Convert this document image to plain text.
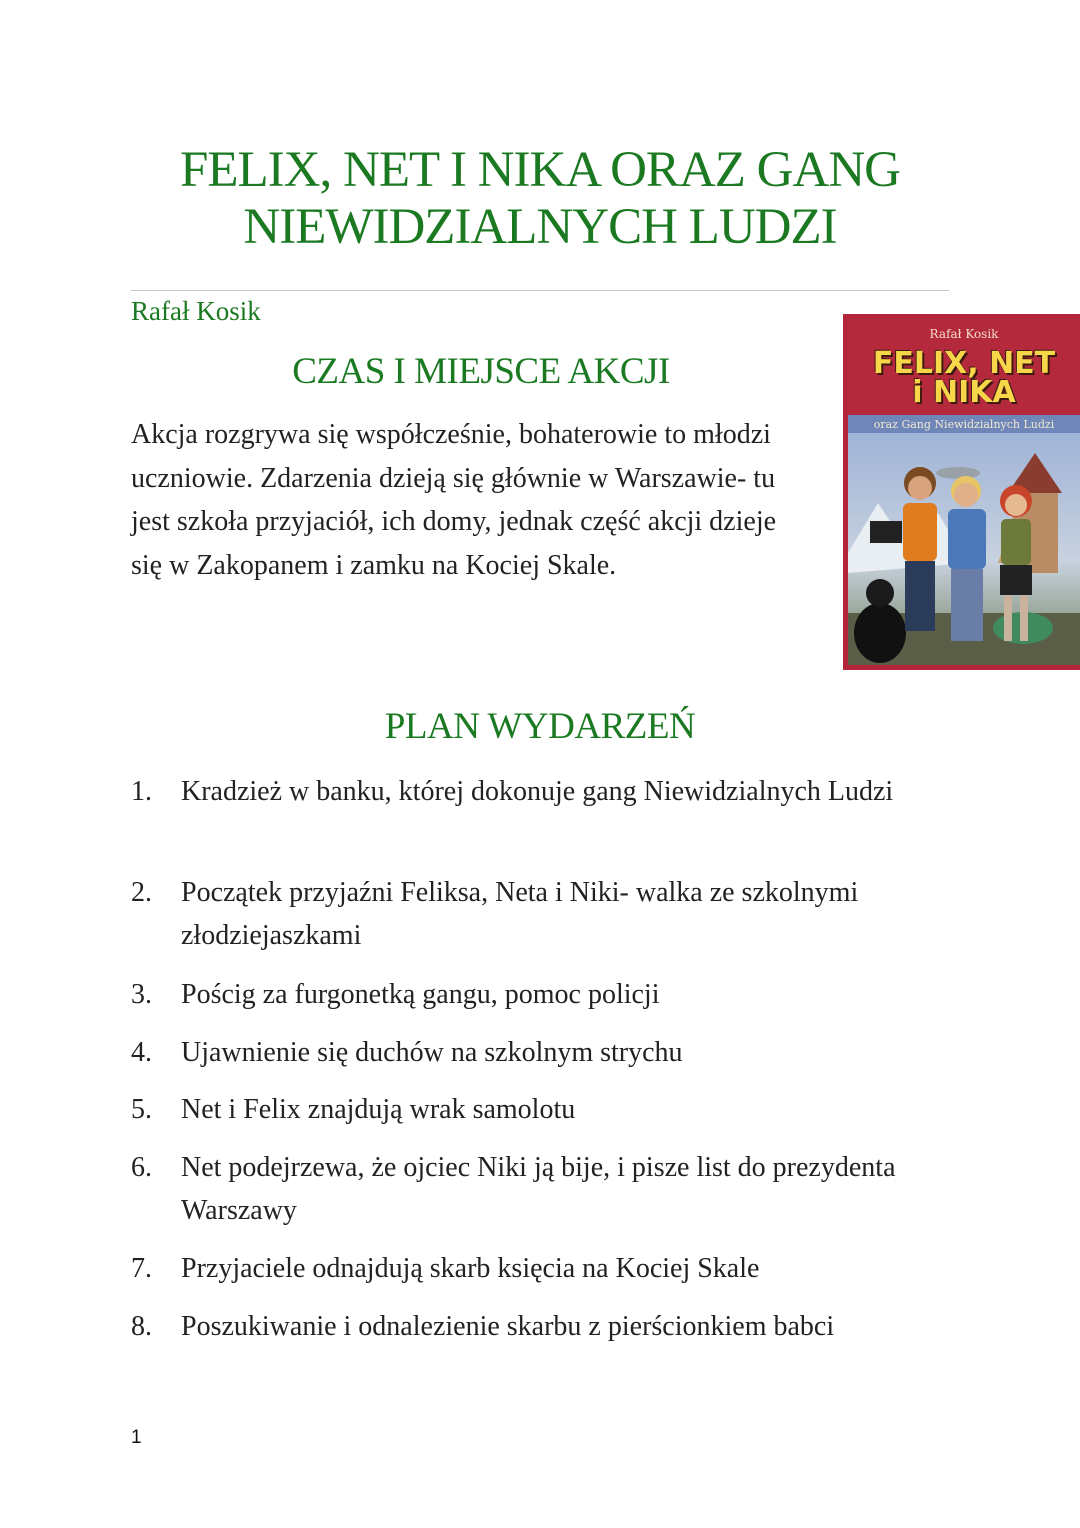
FELIX, NET I NIKA ORAZ GANG
NIEWIDZIALNYCH LUDZI
Rafał Kosik
CZAS I MIEJSCE AKCJI

Akcja rozgrywa się współcześnie, bohaterowie to młodzi uczniowie. Zdarzenia dzieją się głównie w Warszawie- tu jest szkoła przyjaciół, ich domy, jednak część akcji dzieje się w Zakopanem i zamku na Kociej Skale.

Rafał Kosik
FELIX, NET
i NIKA
oraz Gang Niewidzialnych Ludzi
PLAN WYDARZEŃ
1.	Kradzież w banku, której dokonuje gang Niewidzialnych Ludzi
2.	Początek przyjaźni Feliksa, Neta i Niki- walka ze szkolnymi złodziejaszkami
3.	Pościg za furgonetką gangu, pomoc policji
4.	Ujawnienie się duchów na szkolnym strychu
5.	Net i Felix znajdują wrak samolotu
6.	Net podejrzewa, że ojciec Niki ją bije, i pisze list do prezydenta Warszawy
7.	Przyjaciele odnajdują skarb księcia na Kociej Skale
8.	Poszukiwanie i odnalezienie skarbu z pierścionkiem babci
1
